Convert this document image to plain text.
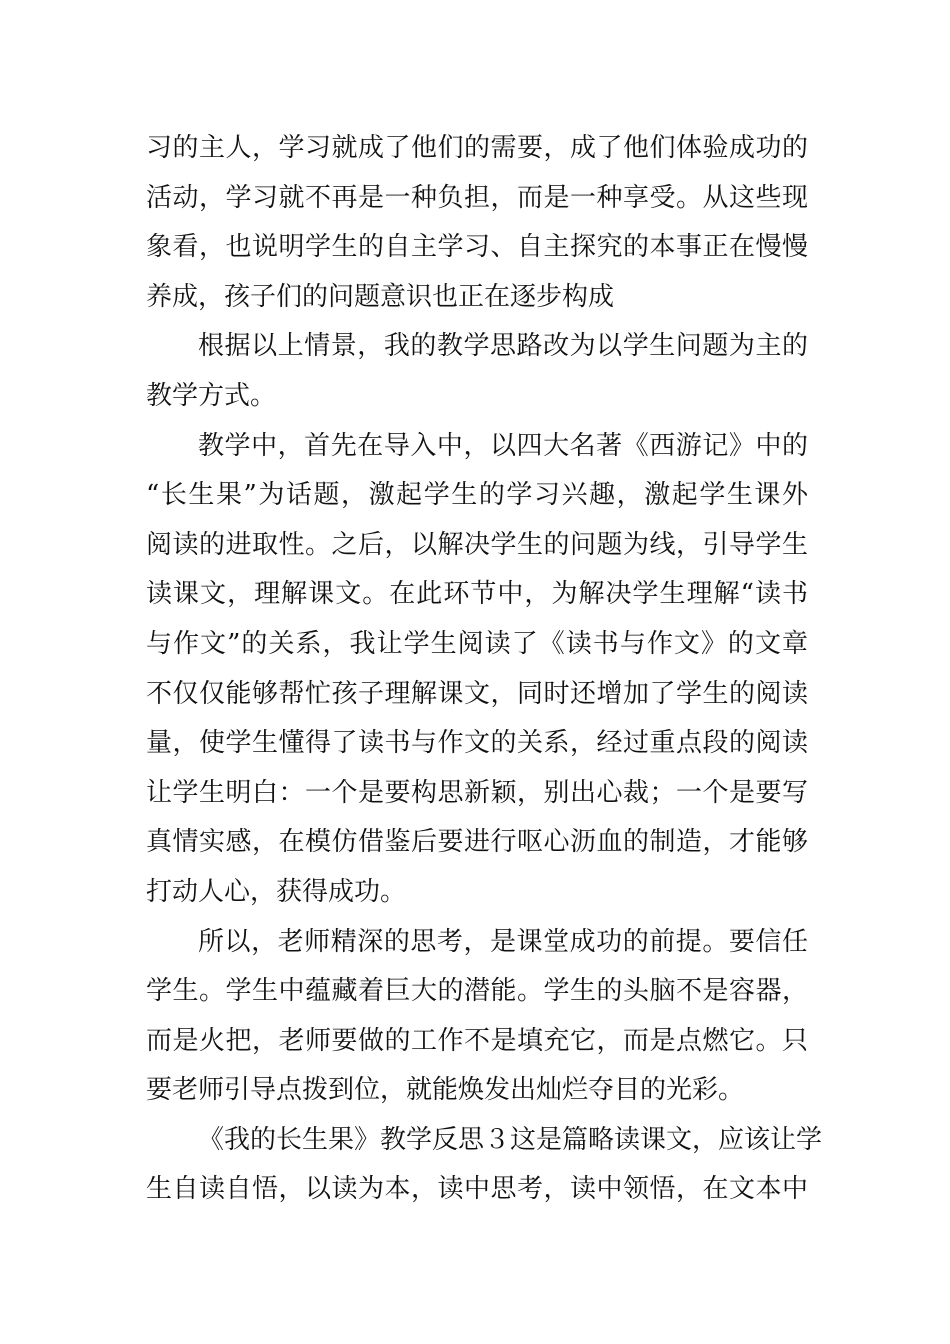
习的主人，学习就成了他们的需要，成了他们体验成功的
活动，学习就不再是一种负担，而是一种享受。从这些现
象看，也说明学生的自主学习、自主探究的本事正在慢慢
养成，孩子们的问题意识也正在逐步构成
根据以上情景，我的教学思路改为以学生问题为主的
教学方式。
教学中，首先在导入中，以四大名著《西游记》中的
“长生果”为话题，激起学生的学习兴趣，激起学生课外
阅读的进取性。之后，以解决学生的问题为线，引导学生
读课文，理解课文。在此环节中，为解决学生理解“读书
与作文”的关系，我让学生阅读了《读书与作文》的文章
不仅仅能够帮忙孩子理解课文，同时还增加了学生的阅读
量，使学生懂得了读书与作文的关系，经过重点段的阅读
让学生明白：一个是要构思新颖，别出心裁；一个是要写
真情实感，在模仿借鉴后要进行呕心沥血的制造，才能够
打动人心，获得成功。
所以，老师精深的思考，是课堂成功的前提。要信任
学生。学生中蕴藏着巨大的潜能。学生的头脑不是容器，
而是火把，老师要做的工作不是填充它，而是点燃它。只
要老师引导点拨到位，就能焕发出灿烂夺目的光彩。
《我的长生果》教学反思３这是篇略读课文，应该让学
生自读自悟，以读为本，读中思考，读中领悟，在文本中
